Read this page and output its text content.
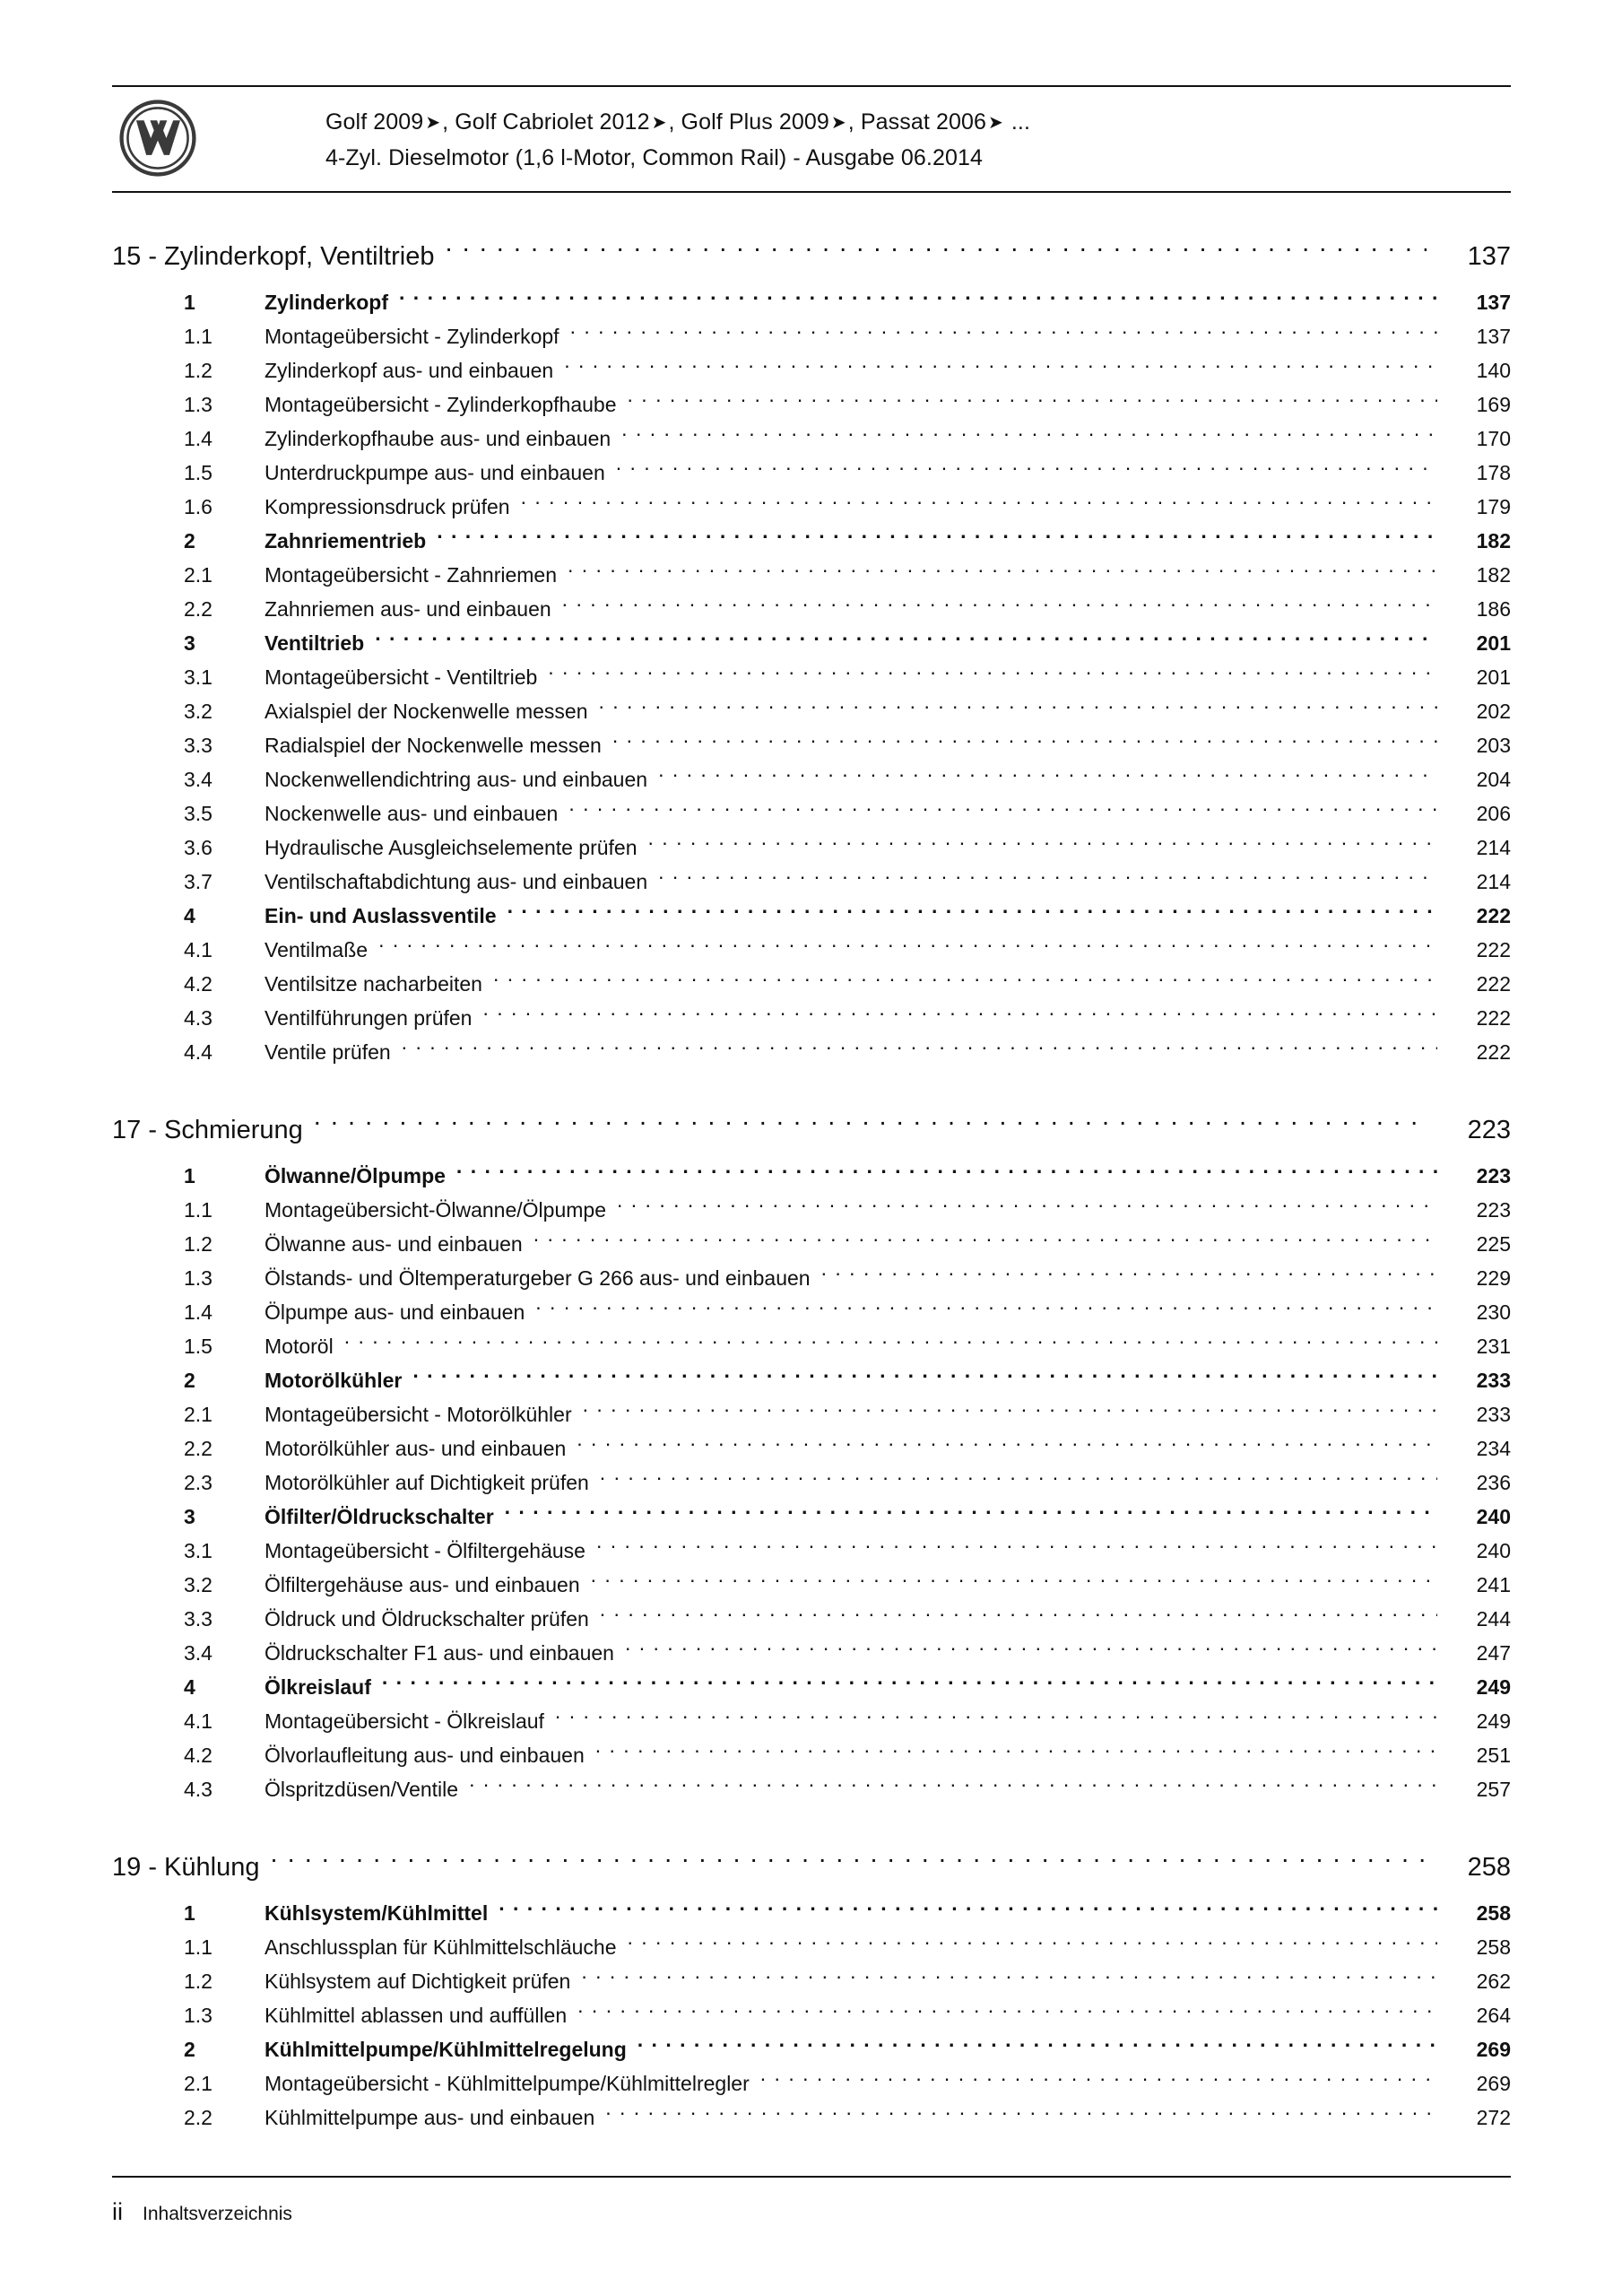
Golf 2009➤, Golf Cabriolet 2012➤, Golf Plus 2009➤, Passat 2006➤ ...
4-Zyl. Dieselmotor (1,6 l-Motor, Common Rail) - Ausgabe 06.2014
15 - Zylinderkopf, Ventiltrieb . . .	137
1	Zylinderkopf . . .	137
1.1	Montageübersicht - Zylinderkopf . . .	137
1.2	Zylinderkopf aus- und einbauen . . .	140
1.3	Montageübersicht - Zylinderkopfhaube . . .	169
1.4	Zylinderkopfhaube aus- und einbauen . . .	170
1.5	Unterdruckpumpe aus- und einbauen . . .	178
1.6	Kompressionsdruck prüfen . . .	179
2	Zahnriementrieb . . .	182
2.1	Montageübersicht - Zahnriemen . . .	182
2.2	Zahnriemen aus- und einbauen . . .	186
3	Ventiltrieb . . .	201
3.1	Montageübersicht - Ventiltrieb . . .	201
3.2	Axialspiel der Nockenwelle messen . . .	202
3.3	Radialspiel der Nockenwelle messen . . .	203
3.4	Nockenwellendichtring aus- und einbauen . . .	204
3.5	Nockenwelle aus- und einbauen . . .	206
3.6	Hydraulische Ausgleichselemente prüfen . . .	214
3.7	Ventilschaftabdichtung aus- und einbauen . . .	214
4	Ein- und Auslassventile . . .	222
4.1	Ventilmaße . . .	222
4.2	Ventilsitze nacharbeiten . . .	222
4.3	Ventilführungen prüfen . . .	222
4.4	Ventile prüfen . . .	222
17 - Schmierung . . .	223
1	Ölwanne/Ölpumpe . . .	223
1.1	Montageübersicht-Ölwanne/Ölpumpe . . .	223
1.2	Ölwanne aus- und einbauen . . .	225
1.3	Ölstands- und Öltemperaturgeber G 266 aus- und einbauen . . .	229
1.4	Ölpumpe aus- und einbauen . . .	230
1.5	Motoröl . . .	231
2	Motorölkühler . . .	233
2.1	Montageübersicht - Motorölkühler . . .	233
2.2	Motorölkühler aus- und einbauen . . .	234
2.3	Motorölkühler auf Dichtigkeit prüfen . . .	236
3	Ölfilter/Öldruckschalter . . .	240
3.1	Montageübersicht - Ölfiltergehäuse . . .	240
3.2	Ölfiltergehäuse aus- und einbauen . . .	241
3.3	Öldruck und Öldruckschalter prüfen . . .	244
3.4	Öldruckschalter F1 aus- und einbauen . . .	247
4	Ölkreislauf . . .	249
4.1	Montageübersicht - Ölkreislauf . . .	249
4.2	Ölvorlaufleitung aus- und einbauen . . .	251
4.3	Ölspritzdüsen/Ventile . . .	257
19 - Kühlung . . .	258
1	Kühlsystem/Kühlmittel . . .	258
1.1	Anschlussplan für Kühlmittelschläuche . . .	258
1.2	Kühlsystem auf Dichtigkeit prüfen . . .	262
1.3	Kühlmittel ablassen und auffüllen . . .	264
2	Kühlmittelpumpe/Kühlmittelregelung . . .	269
2.1	Montageübersicht - Kühlmittelpumpe/Kühlmittelregler . . .	269
2.2	Kühlmittelpumpe aus- und einbauen . . .	272
ii Inhaltsverzeichnis
